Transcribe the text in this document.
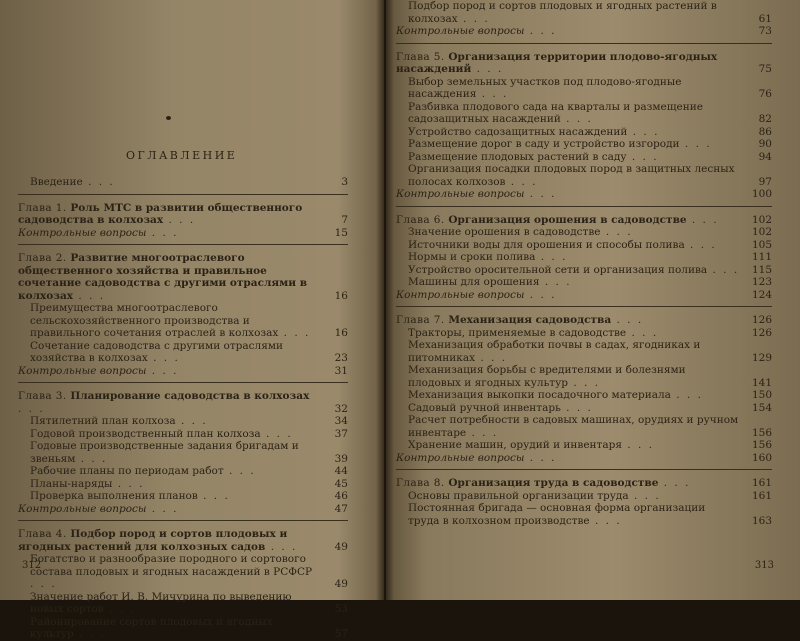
ОГЛАВЛЕНИЕ
Введение . . .	3
Глава 1. Роль МТС в развитии общественного садоводства в колхозах . . .	7
Контрольные вопросы . . .	15
Глава 2. Развитие многоотраслевого общественного хозяйства и правильное сочетание садоводства с другими отраслями в колхозах . . .	16
Преимущества многоотраслевого сельскохозяйственного производства и правильного сочетания отраслей в колхозах . . .	16
Сочетание садоводства с другими отраслями хозяйства в колхозах . . .	23
Контрольные вопросы . . .	31
Глава 3. Планирование садоводства в колхозах . . .	32
Пятилетний план колхоза . . .	34
Годовой производственный план колхоза . . .	37
Годовые производственные задания бригадам и звеньям . . .	39
Рабочие планы по периодам работ . . .	44
Планы-наряды . . .	45
Проверка выполнения планов . . .	46
Контрольные вопросы . . .	47
Глава 4. Подбор пород и сортов плодовых и ягодных растений для колхозных садов . . .	49
Богатство и разнообразие породного и сортового состава плодовых и ягодных насаждений в РСФСР . . .	49
Значение работ И. В. Мичурина по выведению новых сортов . . .	53
Районирование сортов плодовых и ягодных культур . . .	57
312
Подбор пород и сортов плодовых и ягодных растений в колхозах . . .	61
Контрольные вопросы . . .	73
Глава 5. Организация территории плодово-ягодных насаждений . . .	75
Выбор земельных участков под плодово-ягодные насаждения . . .	76
Разбивка плодового сада на кварталы и размещение садозащитных насаждений . . .	82
Устройство садозащитных насаждений . . .	86
Размещение дорог в саду и устройство изгороди . . .	90
Размещение плодовых растений в саду . . .	94
Организация посадки плодовых пород в защитных лесных полосах колхозов . . .	97
Контрольные вопросы . . .	100
Глава 6. Организация орошения в садоводстве . . .	102
Значение орошения в садоводстве . . .	102
Источники воды для орошения и способы полива . . .	105
Нормы и сроки полива . . .	111
Устройство оросительной сети и организация полива . . .	115
Машины для орошения . . .	123
Контрольные вопросы . . .	124
Глава 7. Механизация садоводства . . .	126
Тракторы, применяемые в садоводстве . . .	126
Механизация обработки почвы в садах, ягодниках и питомниках . . .	129
Механизация борьбы с вредителями и болезнями плодовых и ягодных культур . . .	141
Механизация выкопки посадочного материала . . .	150
Садовый ручной инвентарь . . .	154
Расчет потребности в садовых машинах, орудиях и ручном инвентаре . . .	156
Хранение машин, орудий и инвентаря . . .	156
Контрольные вопросы . . .	160
Глава 8. Организация труда в садоводстве . . .	161
Основы правильной организации труда . . .	161
Постоянная бригада — основная форма организации труда в колхозном производстве . . .	163
313
